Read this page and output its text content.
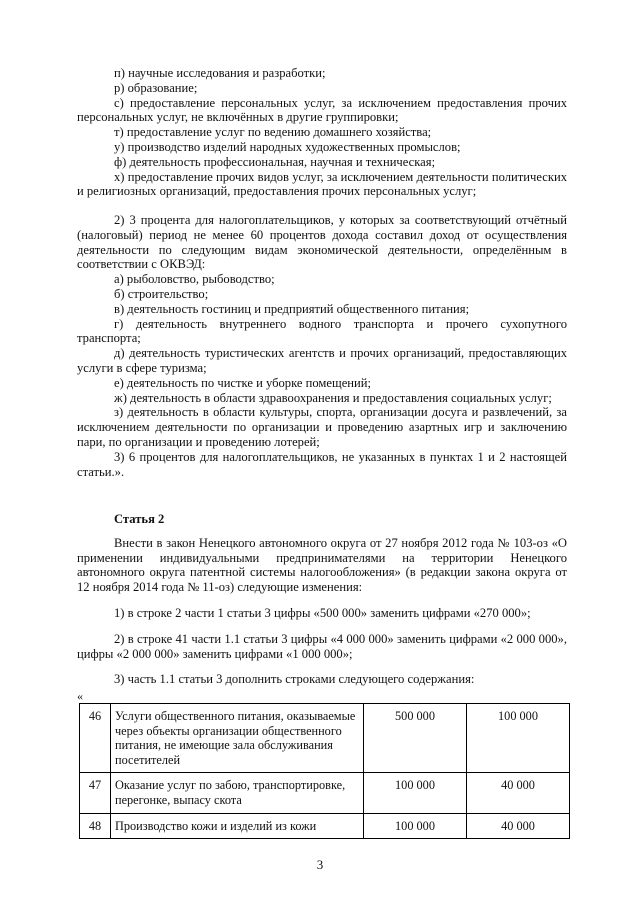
п) научные исследования и разработки;

р) образование;

с) предоставление персональных услуг, за исключением предоставления прочих персональных услуг, не включённых в другие группировки;

т) предоставление услуг по ведению домашнего хозяйства;

у) производство изделий народных художественных промыслов;

ф) деятельность профессиональная, научная и техническая;

х) предоставление прочих видов услуг, за исключением деятельности политических и религиозных организаций, предоставления прочих персональных услуг;

2) 3 процента для налогоплательщиков, у которых за соответствующий отчётный (налоговый) период не менее 60 процентов дохода составил доход от осуществления деятельности по следующим видам экономической деятельности, определённым в соответствии с ОКВЭД:

а) рыболовство, рыбоводство;

б) строительство;

в) деятельность гостиниц и предприятий общественного питания;

г) деятельность внутреннего водного транспорта и прочего сухопутного транспорта;

д) деятельность туристических агентств и прочих организаций, предоставляющих услуги в сфере туризма;

е) деятельность по чистке и уборке помещений;

ж) деятельность в области здравоохранения и предоставления социальных услуг;

з) деятельность в области культуры, спорта, организации досуга и развлечений, за исключением деятельности по организации и проведению азартных игр и заключению пари, по организации и проведению лотерей;

3) 6 процентов для налогоплательщиков, не указанных в пунктах 1 и 2 настоящей статьи.».

Статья 2

Внести в закон Ненецкого автономного округа от 27 ноября 2012 года № 103-оз «О применении индивидуальными предпринимателями на территории Ненецкого автономного округа патентной системы налогообложения» (в редакции закона округа от 12 ноября 2014 года № 11-оз) следующие изменения:

1) в строке 2 части 1 статьи 3 цифры «500 000» заменить цифрами «270 000»;

2) в строке 41 части 1.1 статьи 3 цифры «4 000 000» заменить цифрами «2 000 000», цифры «2 000 000» заменить цифрами «1 000 000»;

3) часть 1.1 статьи 3 дополнить строками следующего содержания:

«
46	Услуги общественного питания, оказываемые через объекты организации общественного питания, не имеющие зала обслуживания посетителей	500 000	100 000
47	Оказание услуг по забою, транспортировке, перегонке, выпасу скота	100 000	40 000
48	Производство кожи и изделий из кожи	100 000	40 000
3
